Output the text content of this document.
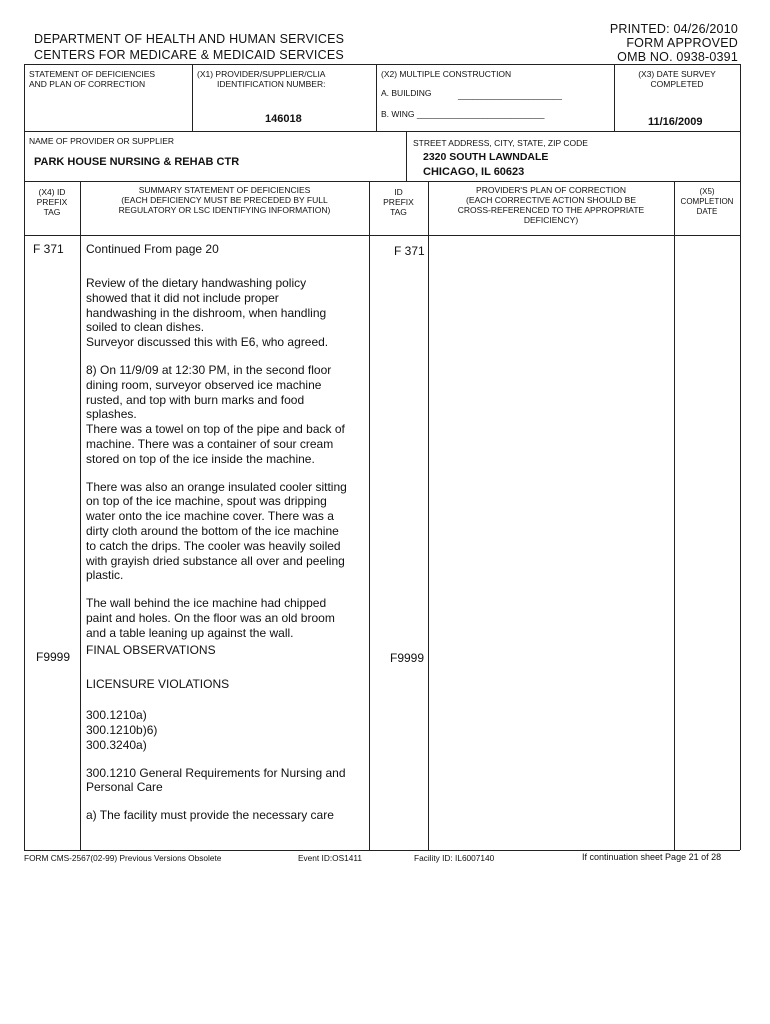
PRINTED: 04/26/2010
FORM APPROVED
OMB NO. 0938-0391
DEPARTMENT OF HEALTH AND HUMAN SERVICES
CENTERS FOR MEDICARE & MEDICAID SERVICES
STATEMENT OF DEFICIENCIES
AND PLAN OF CORRECTION
(X1) PROVIDER/SUPPLIER/CLIA
IDENTIFICATION NUMBER:
146018
(X2) MULTIPLE CONSTRUCTION
A. BUILDING	______________________
B. WING ___________________________
(X3) DATE SURVEY
COMPLETED
11/16/2009
NAME OF PROVIDER OR SUPPLIER
PARK HOUSE NURSING & REHAB CTR
STREET ADDRESS, CITY, STATE, ZIP CODE
2320 SOUTH LAWNDALE
CHICAGO, IL 60623
(X4) ID
PREFIX
TAG
SUMMARY STATEMENT OF DEFICIENCIES
(EACH DEFICIENCY MUST BE PRECEDED BY FULL
REGULATORY OR LSC IDENTIFYING INFORMATION)
ID
PREFIX
TAG
PROVIDER'S PLAN OF CORRECTION
(EACH CORRECTIVE ACTION SHOULD BE
CROSS-REFERENCED TO THE APPROPRIATE
DEFICIENCY)
(X5)
COMPLETION
DATE
F 371	F 371
F9999	F9999
Continued From page 20
Review of the dietary handwashing policy
showed that it did not include proper
handwashing in the dishroom, when handling
soiled to clean dishes.
Surveyor discussed this with E6, who agreed.
8) On 11/9/09 at 12:30 PM, in the second floor
dining room, surveyor observed ice machine
rusted, and top with burn marks and food
splashes.
There was a towel on top of the pipe and back of
machine. There was a container of sour cream
stored on top of the ice inside the machine.
There was also an orange insulated cooler sitting
on top of the ice machine, spout was dripping
water onto the ice machine cover. There was a
dirty cloth around the bottom of the ice machine
to catch the drips. The cooler was heavily soiled
with grayish dried substance all over and peeling
plastic.
The wall behind the ice machine had chipped
paint and holes. On the floor was an old broom
and a table leaning up against the wall.
FINAL OBSERVATIONS
LICENSURE VIOLATIONS
300.1210a)
300.1210b)6)
300.3240a)
300.1210 General Requirements for Nursing and
Personal Care
a) The facility must provide the necessary care
FORM CMS-2567(02-99) Previous Versions Obsolete	Event ID:OS1411	Facility ID: IL6007140	If continuation sheet Page 21 of 28
